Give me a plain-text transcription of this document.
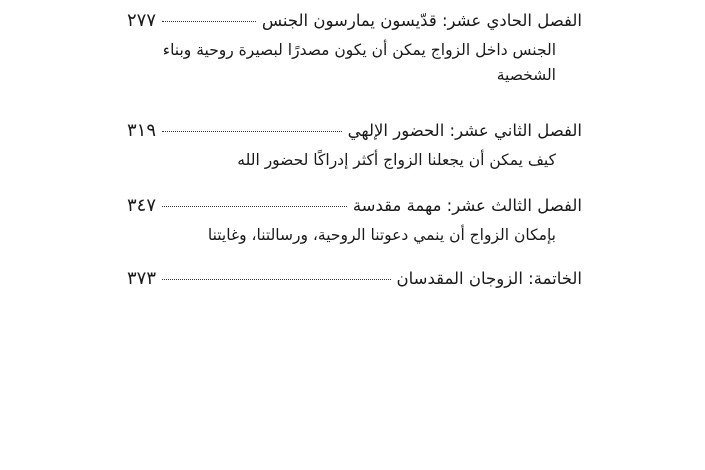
الفصل الحادي عشر: قدّيسون يمارسون الجنس
٢٧٧
الجنس داخل الزواج يمكن أن يكون مصدرًا لبصيرة روحية وبناء الشخصية
الفصل الثاني عشر: الحضور الإلهي
٣١٩
كيف يمكن أن يجعلنا الزواج أكثر إدراكًا لحضور الله
الفصل الثالث عشر: مهمة مقدسة
٣٤٧
بإمكان الزواج أن ينمي دعوتنا الروحية، ورسالتنا، وغايتنا
الخاتمة: الزوجان المقدسان
٣٧٣
